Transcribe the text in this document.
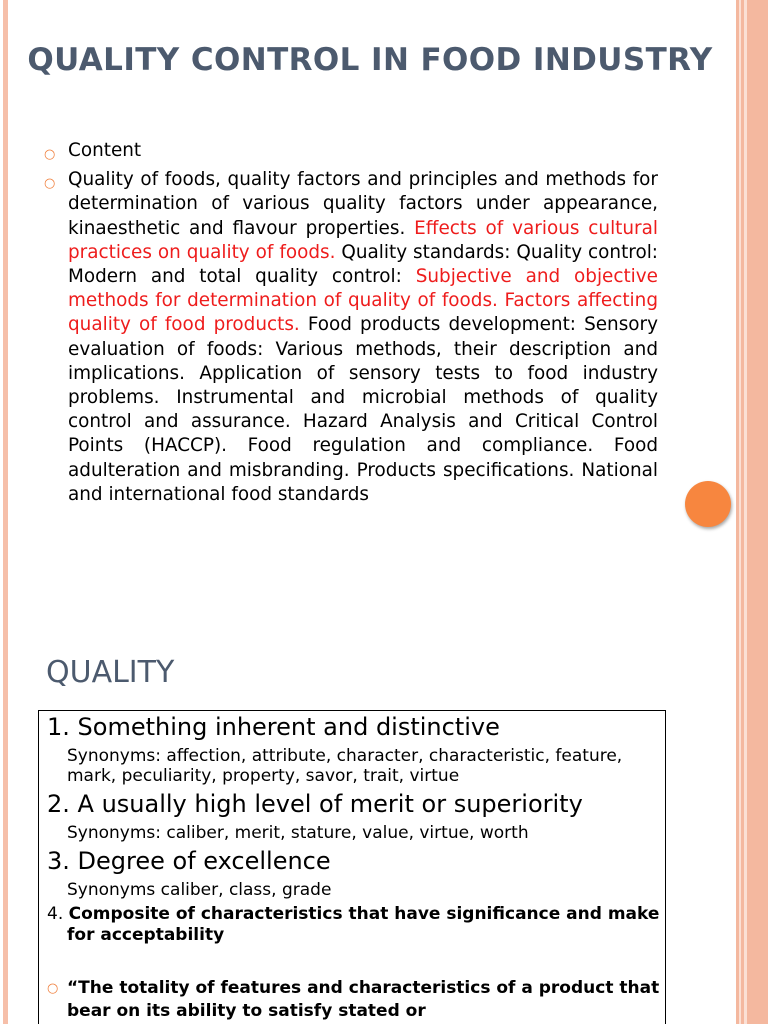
QUALITY CONTROL IN FOOD INDUSTRY
○ Content
○ Quality of foods, quality factors and principles and methods for determination of various quality factors under appearance, kinaesthetic and flavour properties. Effects of various cultural practices on quality of foods. Quality standards: Quality control: Modern and total quality control: Subjective and objective methods for determination of quality of foods. Factors affecting quality of food products. Food products development: Sensory evaluation of foods: Various methods, their description and implications. Application of sensory tests to food industry problems. Instrumental and microbial methods of quality control and assurance. Hazard Analysis and Critical Control Points (HACCP). Food regulation and compliance. Food adulteration and misbranding. Products specifications. National and international food standards
QUALITY
1. Something inherent and distinctive
Synonyms: affection, attribute, character, characteristic, feature, mark, peculiarity, property, savor, trait, virtue
2. A usually high level of merit or superiority
Synonyms: caliber, merit, stature, value, virtue, worth
3. Degree of excellence
Synonyms caliber, class, grade
4. Composite of characteristics that have significance and make for acceptability
○ “The totality of features and characteristics of a product that bear on its ability to satisfy stated or
